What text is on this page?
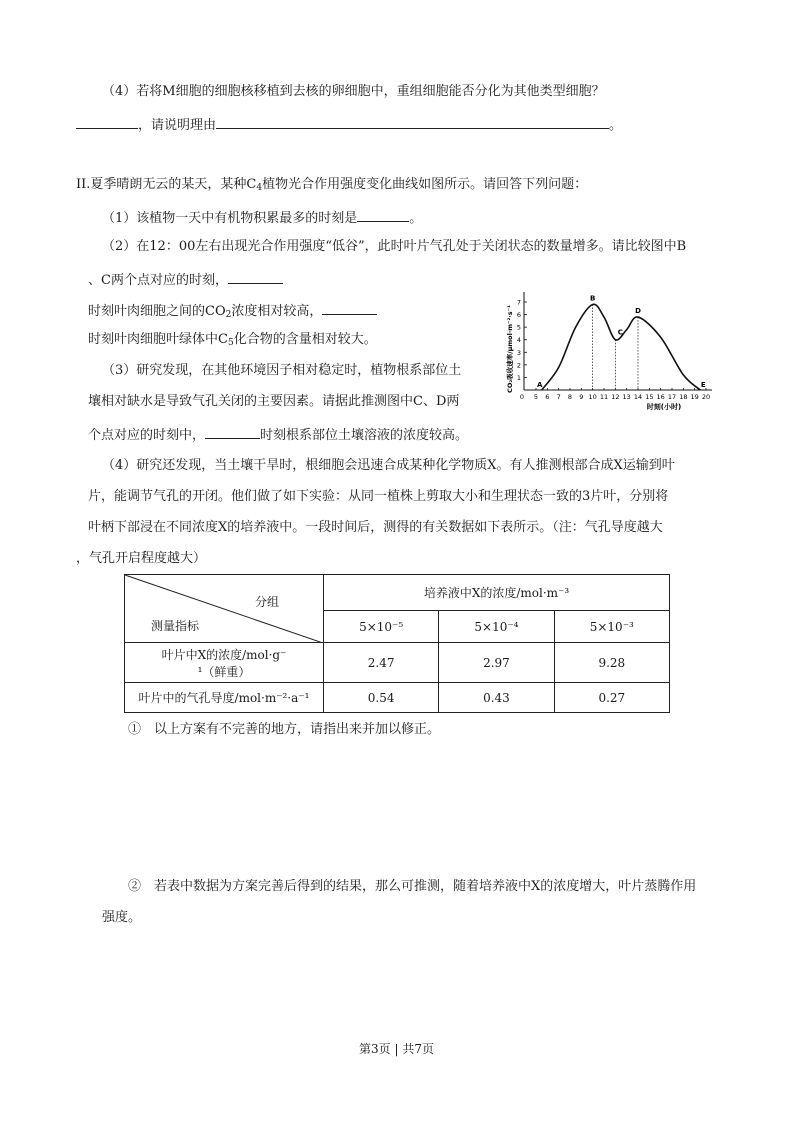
（4）若将M细胞的细胞核移植到去核的卵细胞中，重组细胞能否分化为其他类型细胞？
，请说明理由	。
II.夏季晴朗无云的某天，某种$C_4$植物光合作用强度变化曲线如图所示。请回答下列问题：
（1）该植物一天中有机物积累最多的时刻是	。
（2）在12：00左右出现光合作用强度“低谷”，此时叶片气孔处于关闭状态的数量增多。请比较图中B
、C两个点对应的时刻，
时刻叶肉细胞之间的$CO_2$浓度相对较高，
时刻叶肉细胞叶绿体中$C_5$化合物的含量相对较大。
（3）研究发现，在其他环境因子相对稳定时，植物根系部位土
壤相对缺水是导致气孔关闭的主要因素。请据此推测图中C、D两
个点对应的时刻中，	时刻根系部位土壤溶液的浓度较高。
1
2
3
4
5
6
7
0 5 6 7 8 9 10 11 12 13 14 15 16 17 18 19 20
时刻(小时)
CO₂吸收速率/μmol·m⁻²·s⁻¹	A
B
C
D
E
（4）研究还发现，当土壤干旱时，根细胞会迅速合成某种化学物质X。有人推测根部合成X运输到叶
片，能调节气孔的开闭。他们做了如下实验：从同一植株上剪取大小和生理状态一致的3片叶，分别将
叶柄下部浸在不同浓度X的培养液中。一段时间后，测得的有关数据如下表所示。（注：气孔导度越大
，气孔开启程度越大）
分组
测量指标	培养液中X的浓度/mol·m⁻³		
	5×10⁻⁵	5×10⁻⁴	5×10⁻³

叶片中X的浓度/mol·g⁻
¹（鲜重）	2.47	2.97	9.28
叶片中的气孔导度/mol·m⁻²·a⁻¹	0.54	0.43	0.27
①　以上方案有不完善的地方，请指出来并加以修正。
②　若表中数据为方案完善后得到的结果，那么可推测，随着培养液中X的浓度增大，叶片蒸腾作用
强度。
第3页 | 共7页
